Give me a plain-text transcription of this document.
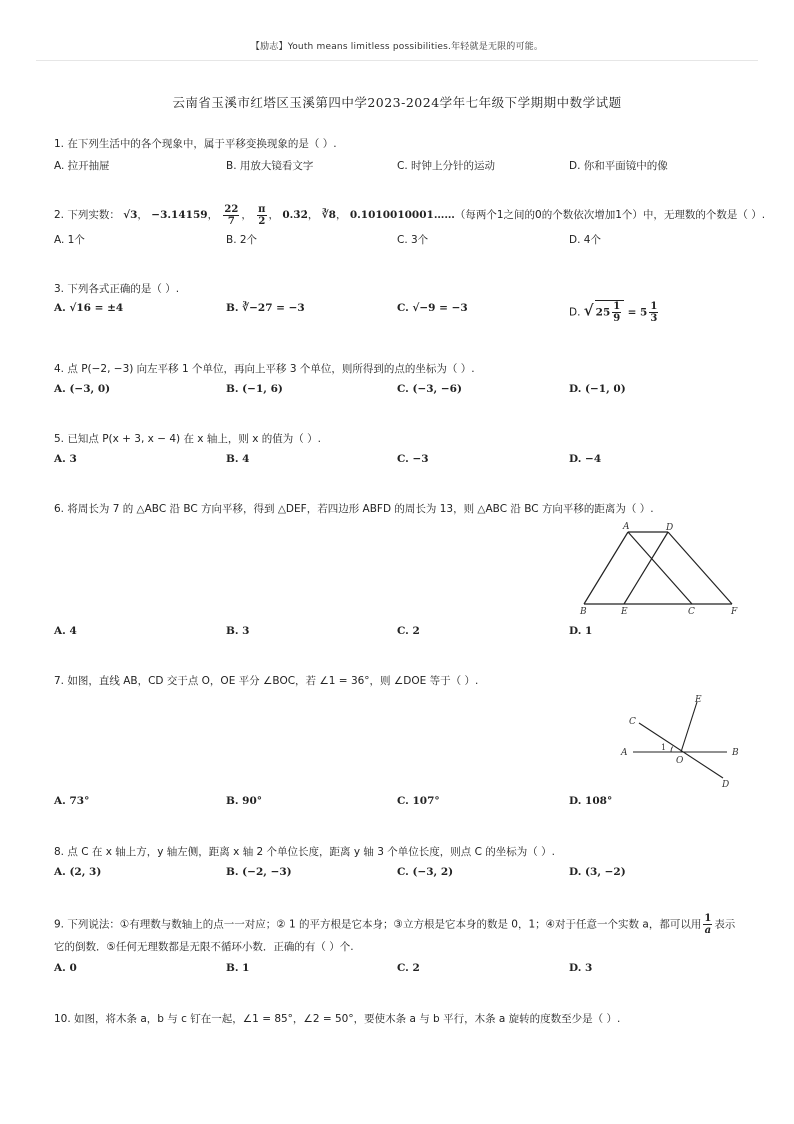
【励志】Youth means limitless possibilities.年轻就是无限的可能。
云南省玉溪市红塔区玉溪第四中学2023-2024学年七年级下学期期中数学试题
1. 在下列生活中的各个现象中，属于平移变换现象的是（ ）.
A. 拉开抽屉	B. 用放大镜看文字	C. 时钟上分针的运动	D. 你和平面镜中的像
2. 下列实数： √3， −3.14159， $\frac{22}{7}$ ， $\frac{\pi}{2}$ ， 0.3̇2̇， ∛8， 0.1010010001……（每两个1之间的0的个数依次增加1个）中，无理数的个数是（ ）.
A. 1个	B. 2个	C. 3个	D. 4个
3. 下列各式正确的是（ ）.
A. √16 = ±4	B. ∛−27 = −3	C. √−9 = −3	D. √ $25 \frac{1}{9} = 5 \frac{1}{3}$
4. 点 P(−2, −3) 向左平移 1 个单位，再向上平移 3 个单位，则所得到的点的坐标为（ ）.
A. (−3, 0)	B. (−1, 6)	C. (−3, −6)	D. (−1, 0)
5. 已知点 P(x + 3, x − 4) 在 x 轴上，则 x 的值为（ ）.
A. 3	B. 4	C. −3	D. −4
6. 将周长为 7 的 △ABC 沿 BC 方向平移，得到 △DEF，若四边形 ABFD 的周长为 13，则 △ABC 沿 BC 方向平移的距离为（ ）.
A	D
B	E	C	F
A. 4	B. 3	C. 2	D. 1
7. 如图，直线 AB，CD 交于点 O，OE 平分 ∠BOC，若 ∠1 = 36°，则 ∠DOE 等于（ ）.
A	B
C
D
E
O
1
A. 73°	B. 90°	C. 107°	D. 108°
8. 点 C 在 x 轴上方，y 轴左侧，距离 x 轴 2 个单位长度，距离 y 轴 3 个单位长度，则点 C 的坐标为（ ）.
A. (2, 3)	B. (−2, −3)	C. (−3, 2)	D. (3, −2)
9. 下列说法：①有理数与数轴上的点一一对应；② 1 的平方根是它本身；③立方根是它本身的数是 0，1；④对于任意一个实数 a，都可以用 $\frac{1}{a}$ 表示它的倒数．⑤任何无理数都是无限不循环小数．正确的有（ ）个.
A. 0	B. 1	C. 2	D. 3
10. 如图，将木条 a，b 与 c 钉在一起，∠1 = 85°，∠2 = 50°，要使木条 a 与 b 平行，木条 a 旋转的度数至少是（ ）.
